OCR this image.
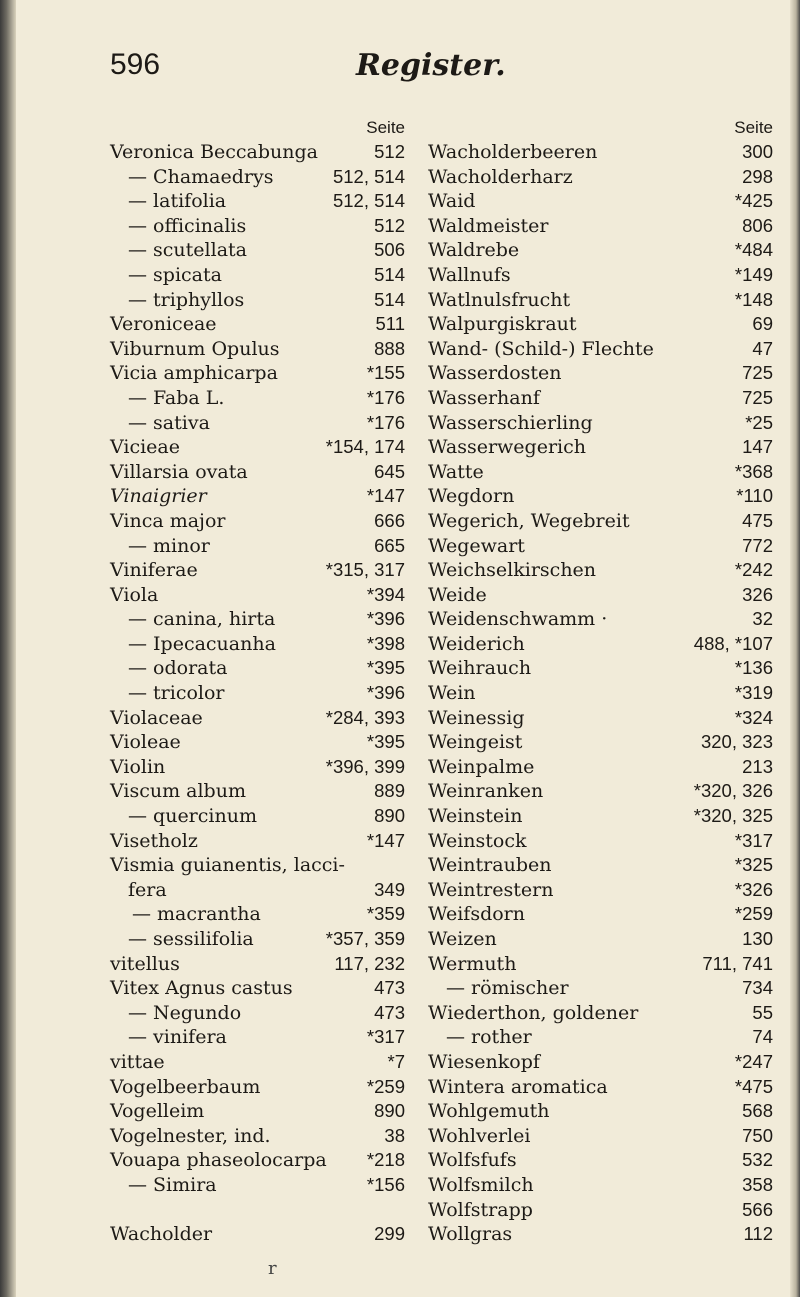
596	Register.
Seite
Veronica Beccabunga	512
— Chamaedrys	512, 514
— latifolia	512, 514
— officinalis	512
— scutellata	506
— spicata	514
— triphyllos	514
Veroniceae	511
Viburnum Opulus	888
Vicia amphicarpa	*155
— Faba L.	*176
— sativa	*176
Vicieae	*154, 174
Villarsia ovata	645
Vinaigrier	*147
Vinca major	666
— minor	665
Viniferae	*315, 317
Viola	*394
— canina, hirta	*396
— Ipecacuanha	*398
— odorata	*395
— tricolor	*396
Violaceae	*284, 393
Violeae	*395
Violin	*396, 399
Viscum album	889
— quercinum	890
Visetholz	*147
Vismia guianentis, lacci-
fera	349
— macrantha	*359
— sessilifolia	*357, 359
vitellus	117, 232
Vitex Agnus castus	473
— Negundo	473
— vinifera	*317
vittae	*7
Vogelbeerbaum	*259
Vogelleim	890
Vogelnester, ind.	38
Vouapa phaseolocarpa *218
— Simira	*156
Wacholder	299
Seite
Wacholderbeeren	300
Wacholderharz	298
Waid	*425
Waldmeister	806
Waldrebe	*484
Wallnufs	*149
Watlnulsfrucht	*148
Walpurgiskraut	69
Wand- (Schild-) Flechte	47
Wasserdosten	725
Wasserhanf	725
Wasserschierling	*25
Wasserwegerich	147
Watte	*368
Wegdorn	*110
Wegerich, Wegebreit	475
Wegewart	772
Weichselkirschen	*242
Weide	326
Weidenschwamm ·	32
Weiderich	488, *107
Weihrauch	*136
Wein	*319
Weinessig	*324
Weingeist	320, 323
Weinpalme	213
Weinranken	*320, 326
Weinstein	*320, 325
Weinstock	*317
Weintrauben	*325
Weintrestern	*326
Weifsdorn	*259
Weizen	130
Wermuth	711, 741
— römischer	734
Wiederthon, goldener	55
— rother	74
Wiesenkopf	*247
Wintera aromatica	*475
Wohlgemuth	568
Wohlverlei	750
Wolfsfufs	532
Wolfsmilch	358
Wolfstrapp	566
Wollgras	112
r
